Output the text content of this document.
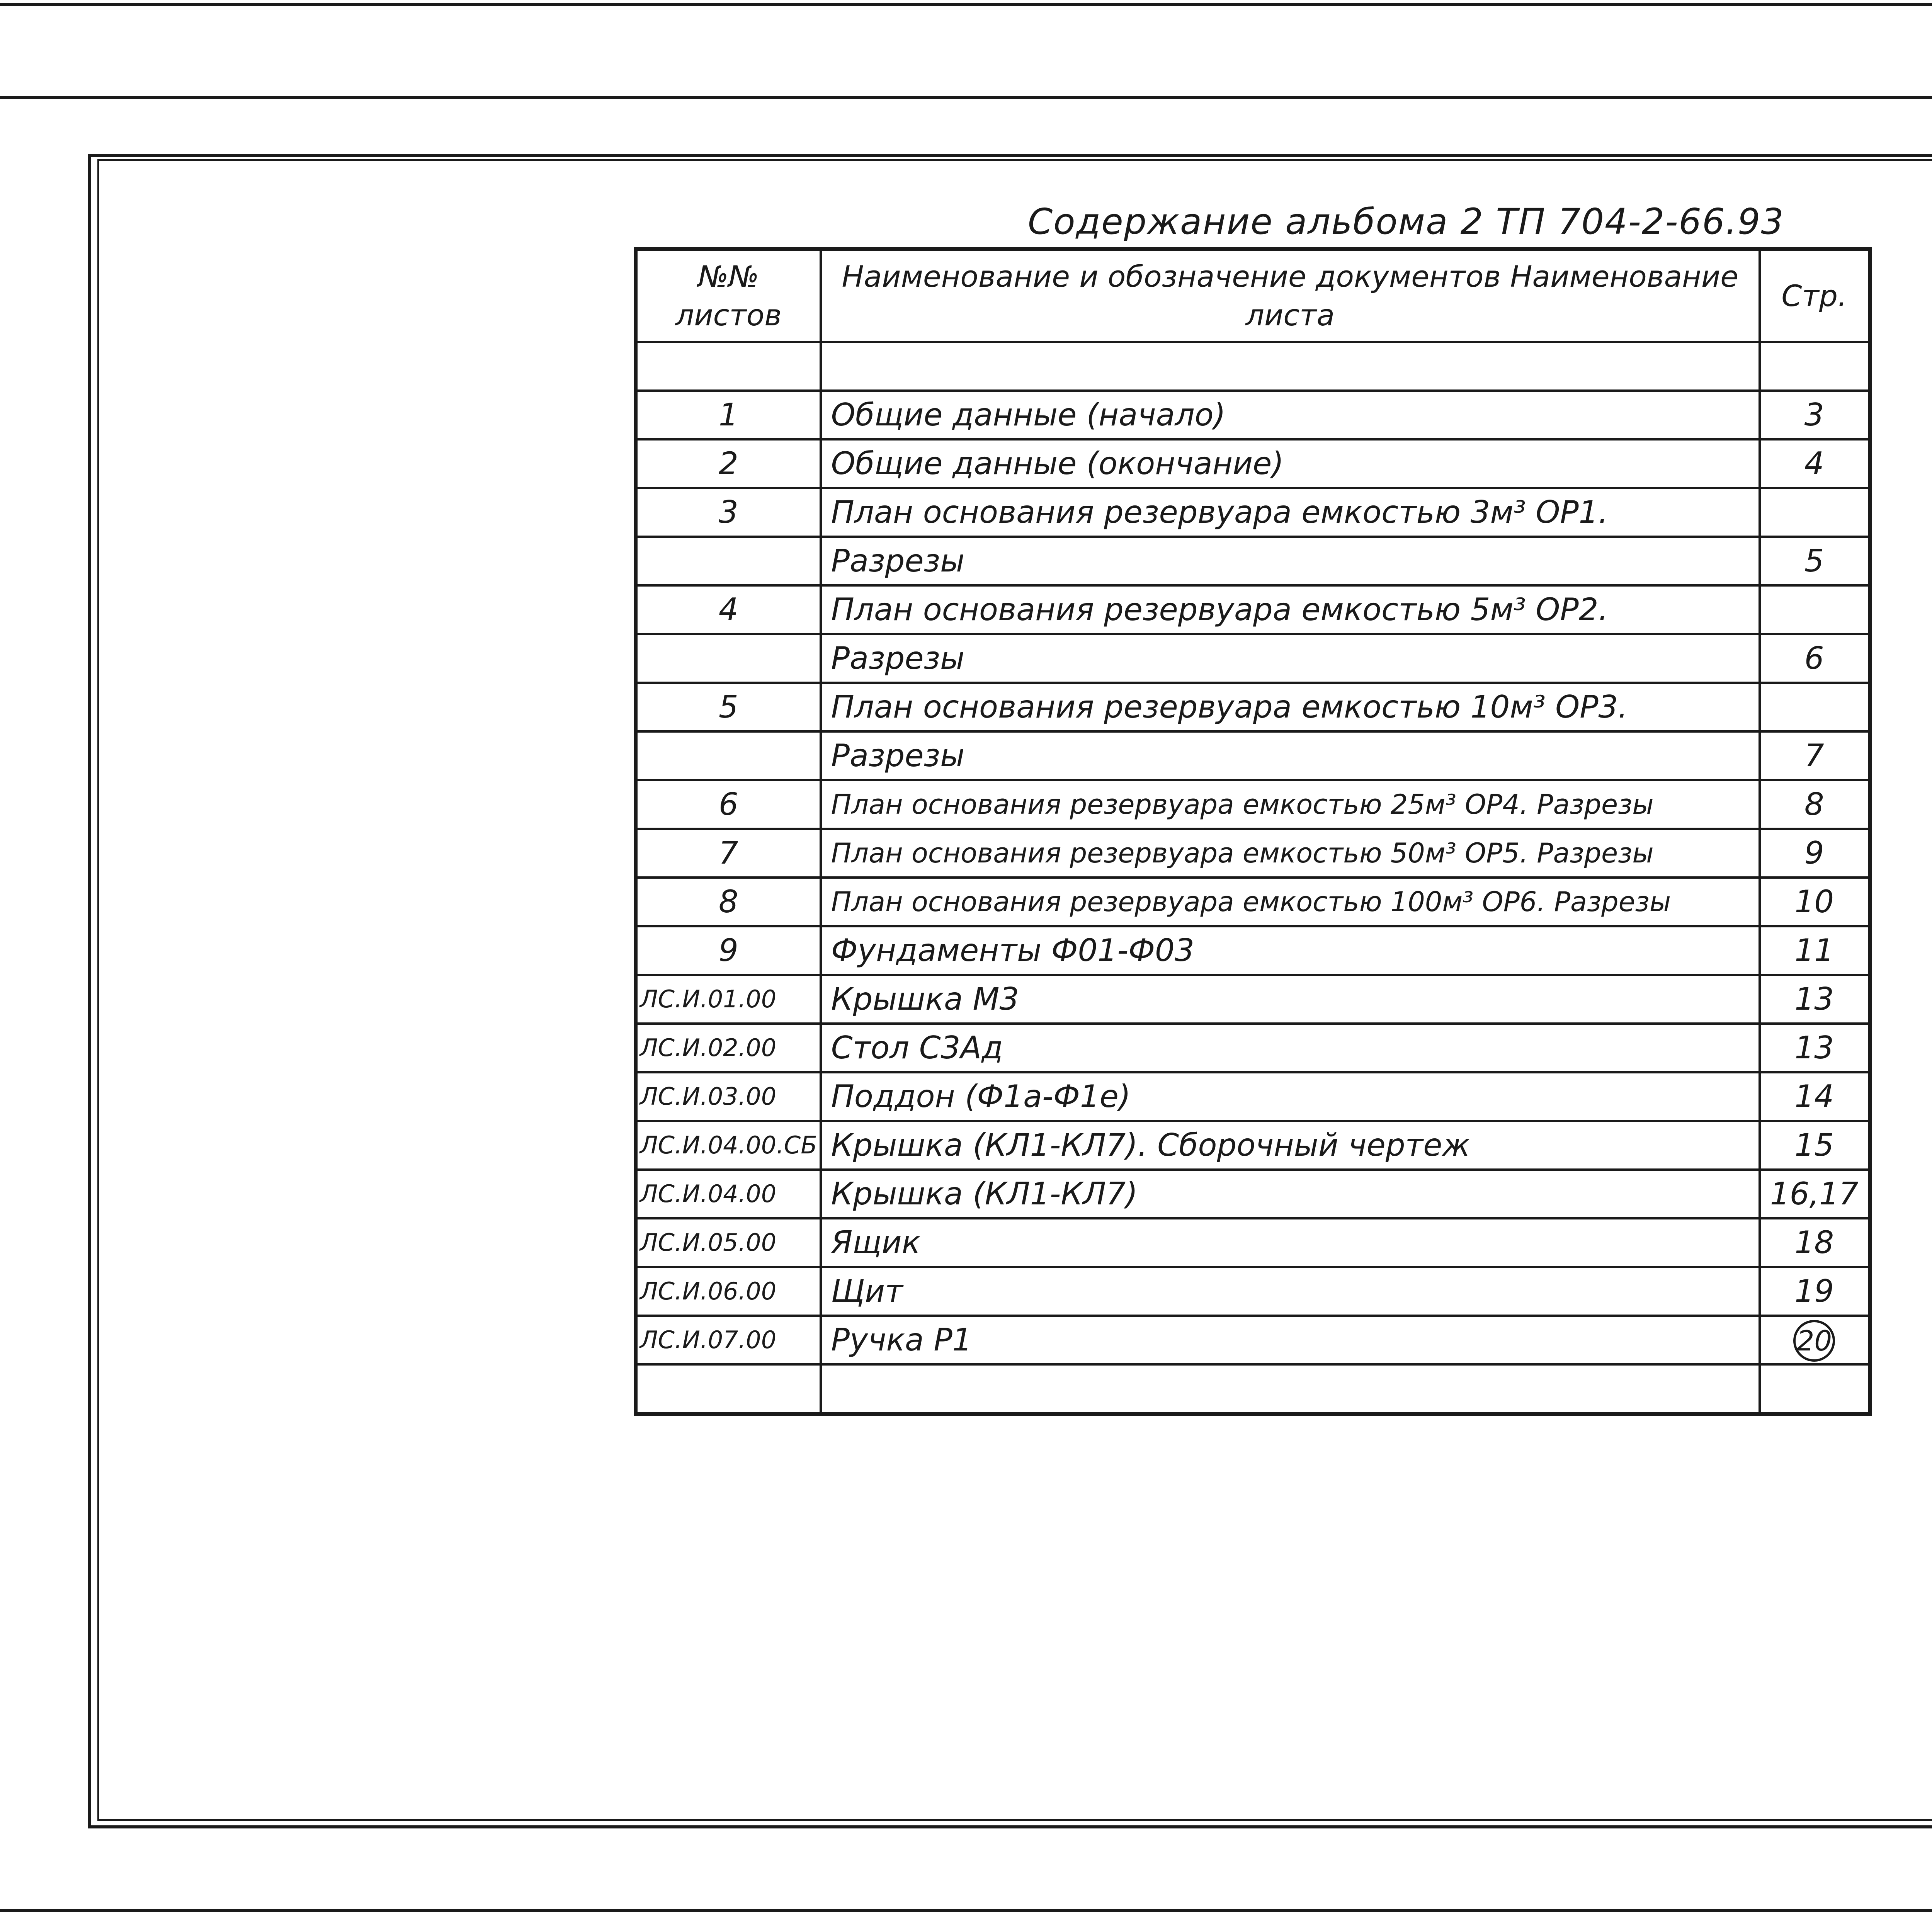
Содержание альбома 2 ТП 704-2-66.93
№№ листов	Наименование и обозначение документов Наименование листа	Стр.

1	Общие данные (начало)	3
2	Общие данные (окончание)	4
3	План основания резервуара емкостью 3м³ ОР1.	
	Разрезы	5
4	План основания резервуара емкостью 5м³ ОР2.	
	Разрезы	6
5	План основания резервуара емкостью 10м³ ОР3.	
	Разрезы	7
6	План основания резервуара емкостью 25м³ ОР4. Разрезы	8
7	План основания резервуара емкостью 50м³ ОР5. Разрезы	9
8	План основания резервуара емкостью 100м³ ОР6. Разрезы	10
9	Фундаменты Ф01-Ф03	11
ЛС.И.01.00	Крышка М3	13
ЛС.И.02.00	Стол С3Ад	13
ЛС.И.03.00	Поддон (Ф1а-Ф1е)	14
ЛС.И.04.00.СБ	Крышка (КЛ1-КЛ7). Сборочный чертеж	15
ЛС.И.04.00	Крышка (КЛ1-КЛ7)	16,17
ЛС.И.05.00	Ящик	18
ЛС.И.06.00	Щит	19
ЛС.И.07.00	Ручка Р1	20
